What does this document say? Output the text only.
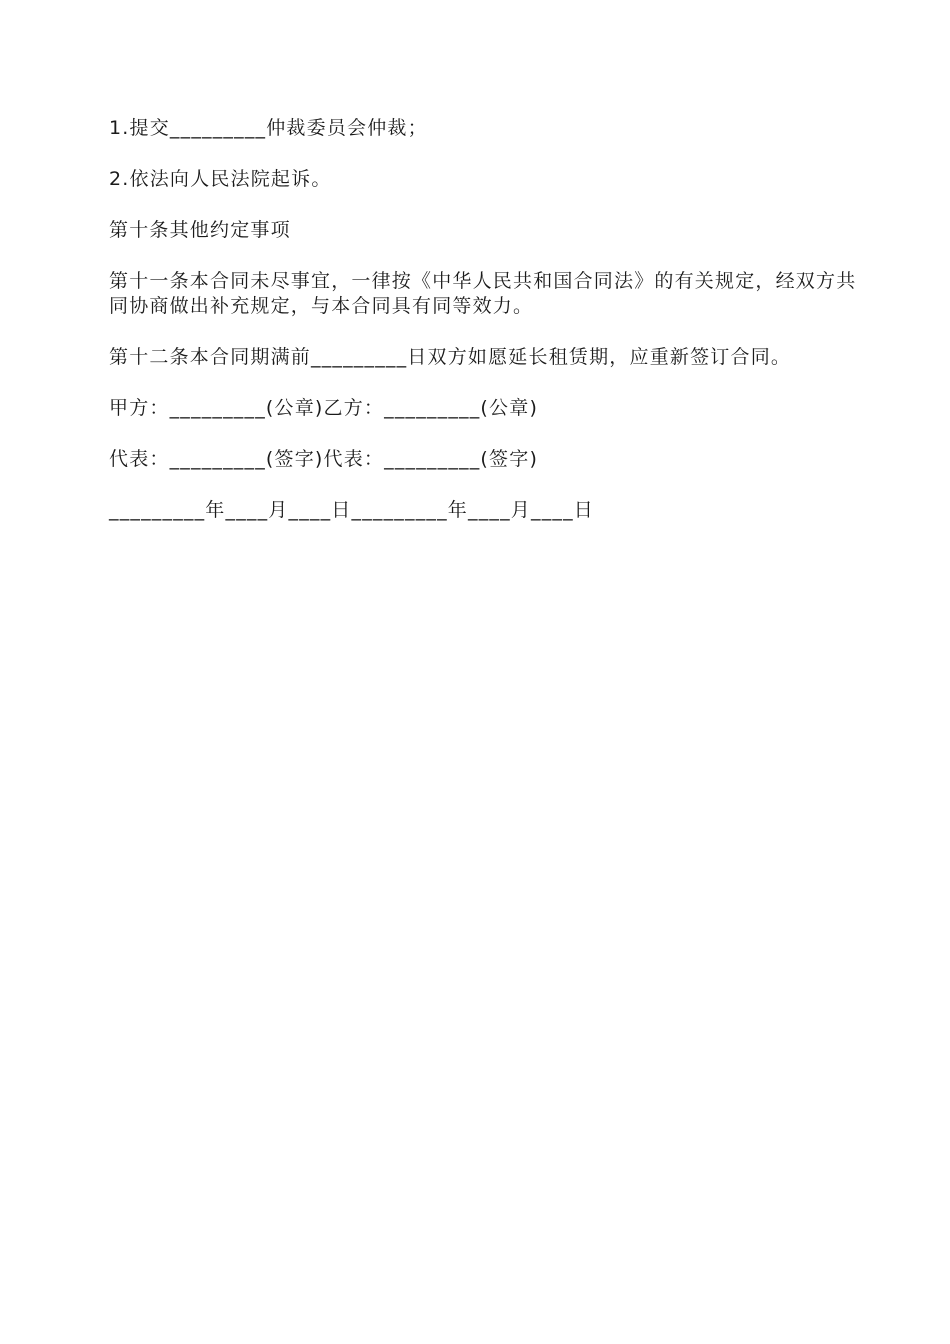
1.提交_________仲裁委员会仲裁；

2.依法向人民法院起诉。

第十条其他约定事项

第十一条本合同未尽事宜，一律按《中华人民共和国合同法》的有关规定，经双方共同协商做出补充规定，与本合同具有同等效力。

第十二条本合同期满前_________日双方如愿延长租赁期，应重新签订合同。

甲方：_________(公章)乙方：_________(公章)

代表：_________(签字)代表：_________(签字)

_________年____月____日_________年____月____日
